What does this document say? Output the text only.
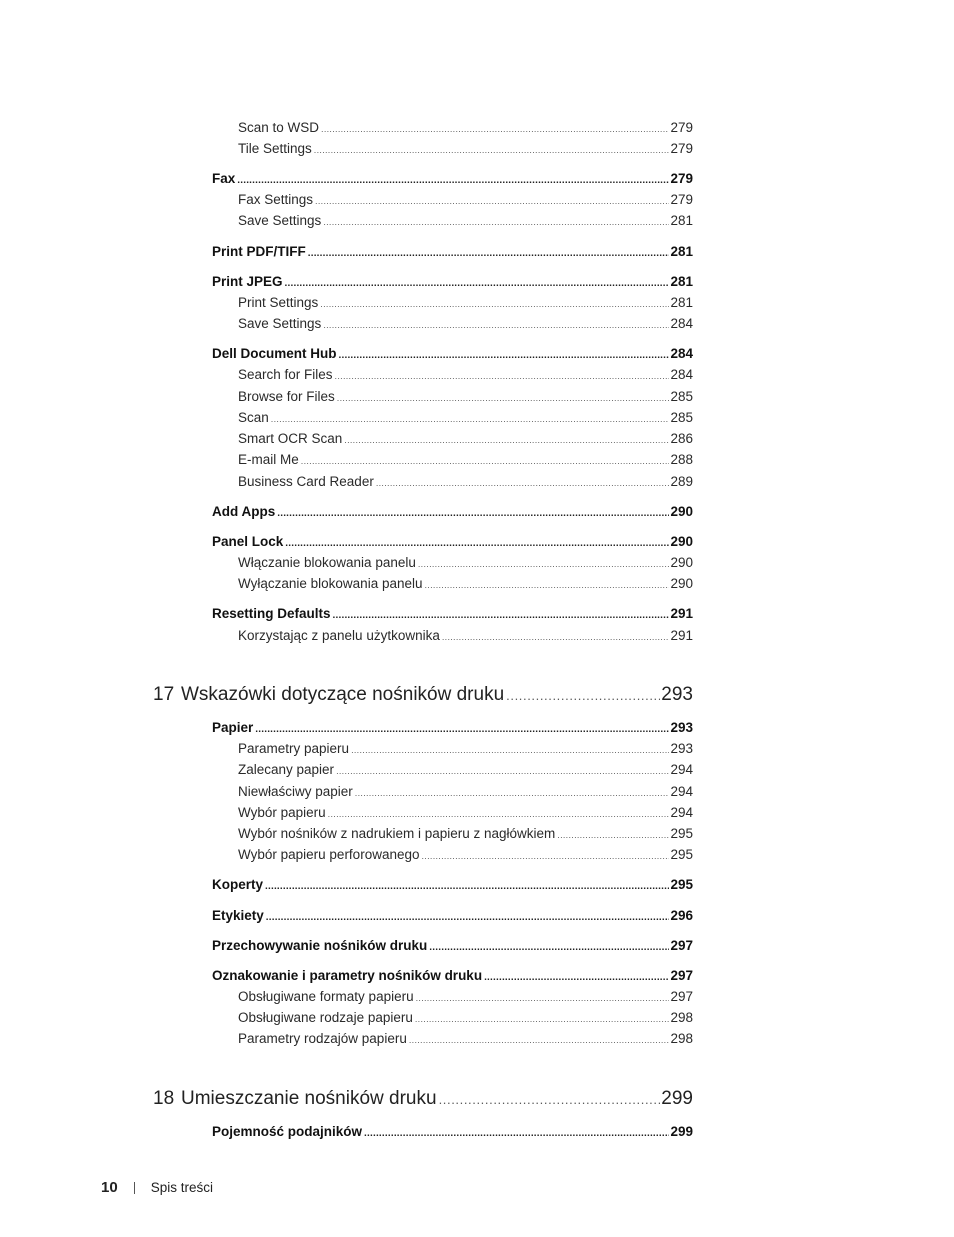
Scan to WSD .....	279
Tile Settings .....	279
Fax .....	279
Fax Settings .....	279
Save Settings .....	281
Print PDF/TIFF .....	281
Print JPEG .....	281
Print Settings .....	281
Save Settings .....	284
Dell Document Hub .....	284
Search for Files .....	284
Browse for Files .....	285
Scan .....	285
Smart OCR Scan .....	286
E-mail Me .....	288
Business Card Reader .....	289
Add Apps .....	290
Panel Lock .....	290
Włączanie blokowania panelu .....	290
Wyłączanie blokowania panelu .....	290
Resetting Defaults .....	291
Korzystając z panelu użytkownika .....	291
17 Wskazówki dotyczące nośników druku .....	293
Papier .....	293
Parametry papieru .....	293
Zalecany papier .....	294
Niewłaściwy papier .....	294
Wybór papieru .....	294
Wybór nośników z nadrukiem i papieru z nagłówkiem .....	295
Wybór papieru perforowanego .....	295
Koperty .....	295
Etykiety .....	296
Przechowywanie nośników druku .....	297
Oznakowanie i parametry nośników druku .....	297
Obsługiwane formaty papieru .....	297
Obsługiwane rodzaje papieru .....	298
Parametry rodzajów papieru .....	298
18 Umieszczanie nośników druku .....	299
Pojemność podajników .....	299
10 Spis treści
